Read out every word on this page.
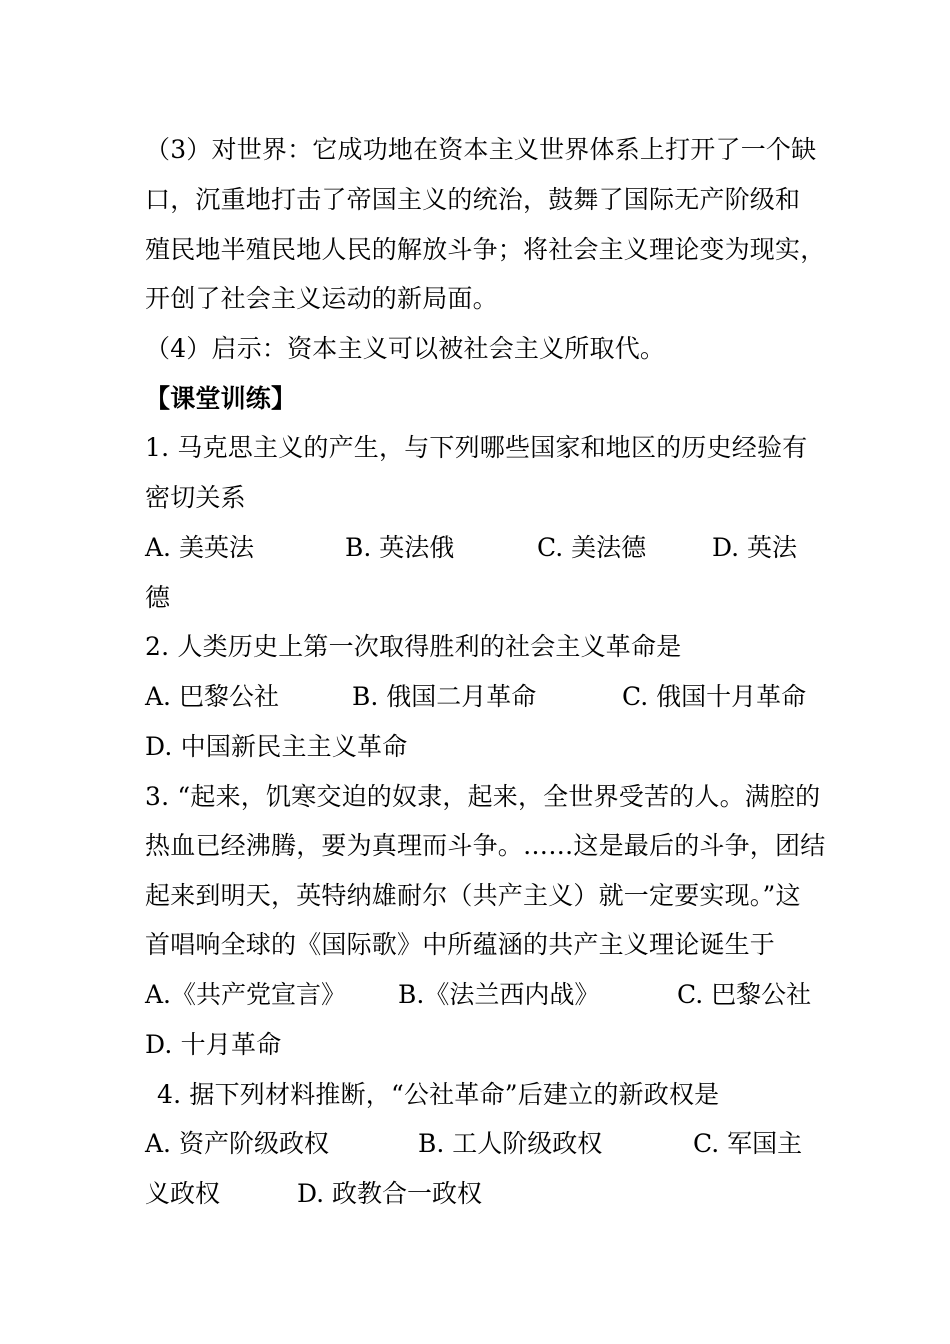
（3）对世界：它成功地在资本主义世界体系上打开了一个缺
口，沉重地打击了帝国主义的统治，鼓舞了国际无产阶级和
殖民地半殖民地人民的解放斗争；将社会主义理论变为现实，
开创了社会主义运动的新局面。
（4）启示：资本主义可以被社会主义所取代。
【课堂训练】
1. 马克思主义的产生，与下列哪些国家和地区的历史经验有
密切关系
A. 美英法	B. 英法俄	C. 美法德	D. 英法
德
2. 人类历史上第一次取得胜利的社会主义革命是
A. 巴黎公社	B. 俄国二月革命	C. 俄国十月革命
D. 中国新民主主义革命
3. “起来，饥寒交迫的奴隶，起来，全世界受苦的人。满腔的
热血已经沸腾，要为真理而斗争。……这是最后的斗争，团结
起来到明天，英特纳雄耐尔（共产主义）就一定要实现。”这
首唱响全球的《国际歌》中所蕴涵的共产主义理论诞生于
A.《共产党宣言》 B.《法兰西内战》	C. 巴黎公社
D. 十月革命
4. 据下列材料推断，“公社革命”后建立的新政权是
A. 资产阶级政权	B. 工人阶级政权	C. 军国主
义政权	D. 政教合一政权
